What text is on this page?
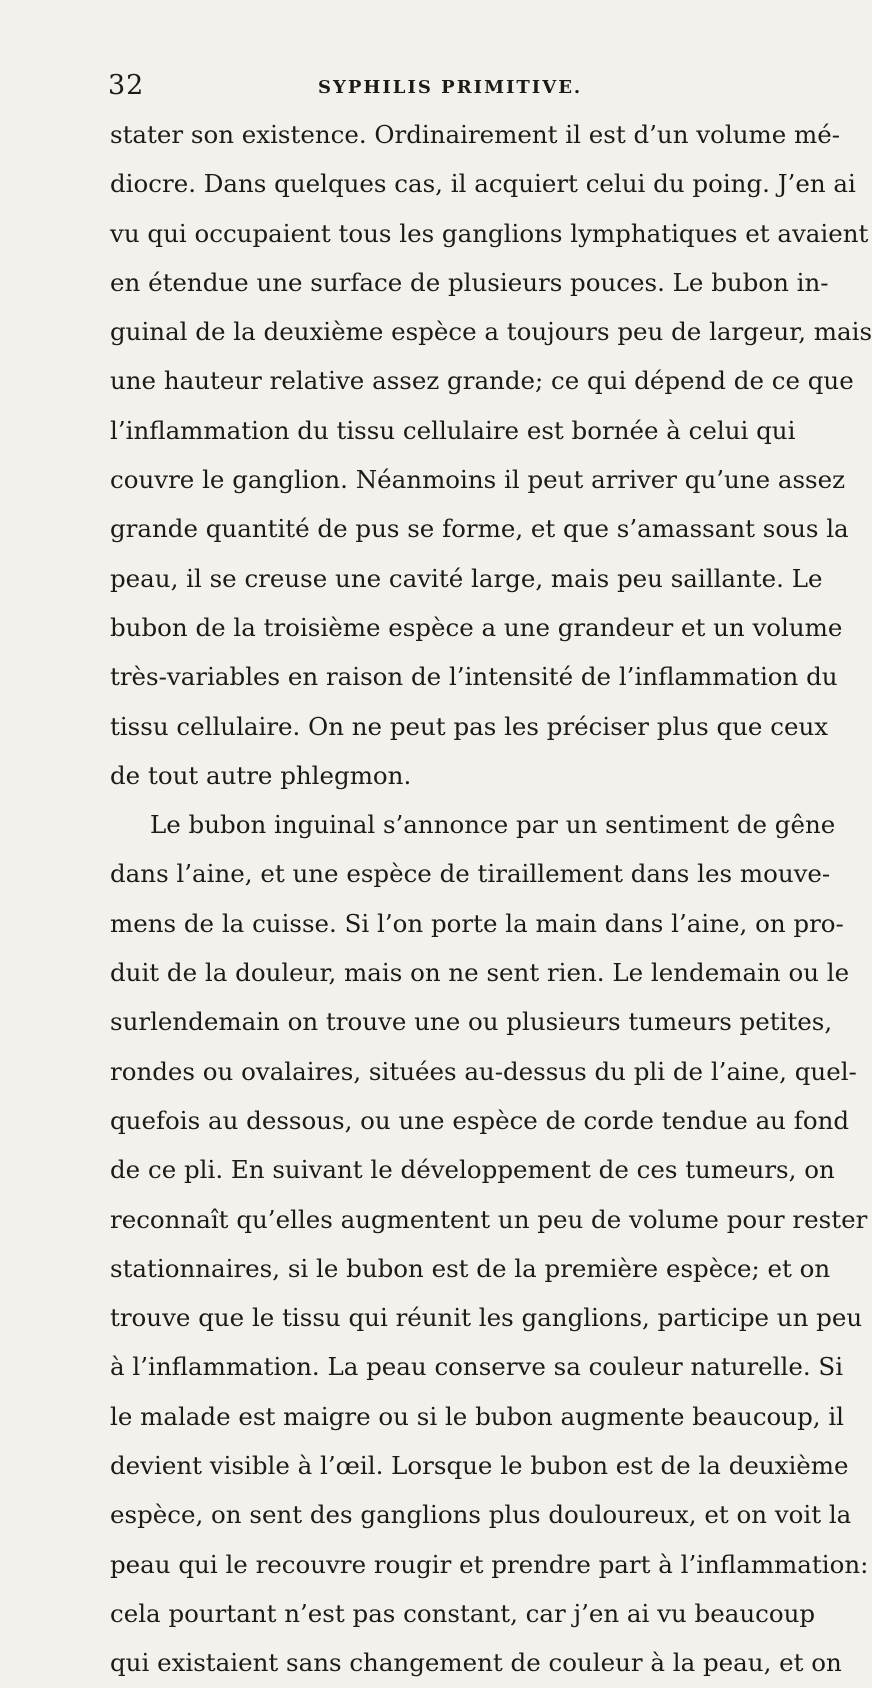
32	SYPHILIS PRIMITIVE.
stater son existence. Ordinairement il est d’un volume mé-
diocre. Dans quelques cas, il acquiert celui du poing. J’en ai
vu qui occupaient tous les ganglions lymphatiques et avaient
en étendue une surface de plusieurs pouces. Le bubon in-
guinal de la deuxième espèce a toujours peu de largeur, mais
une hauteur relative assez grande; ce qui dépend de ce que
l’inflammation du tissu cellulaire est bornée à celui qui
couvre le ganglion. Néanmoins il peut arriver qu’une assez
grande quantité de pus se forme, et que s’amassant sous la
peau, il se creuse une cavité large, mais peu saillante. Le
bubon de la troisième espèce a une grandeur et un volume
très-variables en raison de l’intensité de l’inflammation du
tissu cellulaire. On ne peut pas les préciser plus que ceux
de tout autre phlegmon.
Le bubon inguinal s’annonce par un sentiment de gêne
dans l’aine, et une espèce de tiraillement dans les mouve-
mens de la cuisse. Si l’on porte la main dans l’aine, on pro-
duit de la douleur, mais on ne sent rien. Le lendemain ou le
surlendemain on trouve une ou plusieurs tumeurs petites,
rondes ou ovalaires, situées au-dessus du pli de l’aine, quel-
quefois au dessous, ou une espèce de corde tendue au fond
de ce pli. En suivant le développement de ces tumeurs, on
reconnaît qu’elles augmentent un peu de volume pour rester
stationnaires, si le bubon est de la première espèce; et on
trouve que le tissu qui réunit les ganglions, participe un peu
à l’inflammation. La peau conserve sa couleur naturelle. Si
le malade est maigre ou si le bubon augmente beaucoup, il
devient visible à l’œil. Lorsque le bubon est de la deuxième
espèce, on sent des ganglions plus douloureux, et on voit la
peau qui le recouvre rougir et prendre part à l’inflammation:
cela pourtant n’est pas constant, car j’en ai vu beaucoup
qui existaient sans changement de couleur à la peau, et on
